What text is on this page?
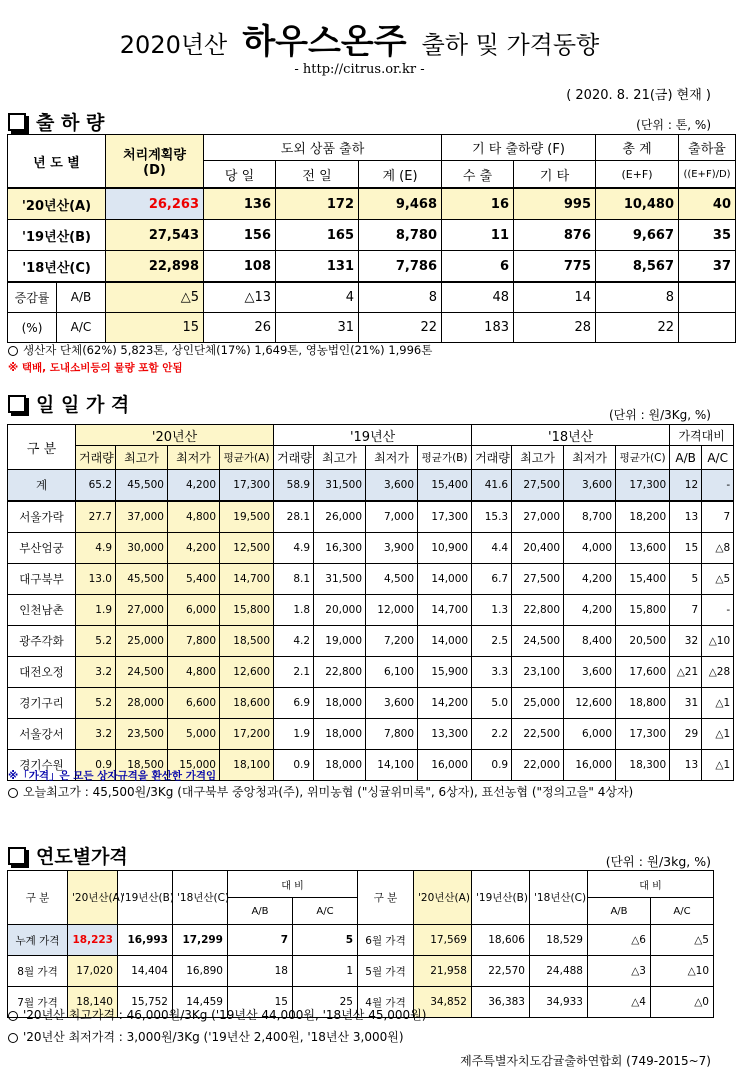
2020년산 하우스온주 출하 및 가격동향
- http://citrus.or.kr -
( 2020. 8. 21(금) 현재 )
출 하 량	(단위 : 톤, %)
년 도 별	처리계획량
(D)	도외 상품 출하			기 타 출하량 (F)		총 계	출하율
		당 일	전 일	계 (E)	수 출	기 타	(E+F)	((E+F)/D)
'20년산(A)	26,263	136	172	9,468	16	995	10,480	40
'19년산(B)	27,543	156	165	8,780	11	876	9,667	35
'18년산(C)	22,898	108	131	7,786	6	775	8,567	37

증감률 A/B	△5	△13	4	8	48	14	8	

(%) A/C	15	26	31	22	183	28	22	
생산자 단체(62%) 5,823톤, 상인단체(17%) 1,649톤, 영농법인(21%) 1,996톤
※ 택배, 도내소비등의 물량 포함 안됨
일 일 가 격	(단위 : 원/3Kg, %)
구 분	'20년산				'19년산				'18년산				가격대비	
	거래량	최고가	최저가	평균가(A)	거래량	최고가	최저가	평균가(B)	거래량	최고가	최저가	평균가(C)	A/B	A/C
계	65.2	45,500	4,200	17,300	58.9	31,500	3,600	15,400	41.6	27,500	3,600	17,300	12	-
서울가락	27.7	37,000	4,800	19,500	28.1	26,000	7,000	17,300	15.3	27,000	8,700	18,200	13	7
부산엄궁	4.9	30,000	4,200	12,500	4.9	16,300	3,900	10,900	4.4	20,400	4,000	13,600	15	△8
대구북부	13.0	45,500	5,400	14,700	8.1	31,500	4,500	14,000	6.7	27,500	4,200	15,400	5	△5
인천남촌	1.9	27,000	6,000	15,800	1.8	20,000	12,000	14,700	1.3	22,800	4,200	15,800	7	-
광주각화	5.2	25,000	7,800	18,500	4.2	19,000	7,200	14,000	2.5	24,500	8,400	20,500	32	△10
대전오정	3.2	24,500	4,800	12,600	2.1	22,800	6,100	15,900	3.3	23,100	3,600	17,600	△21	△28
경기구리	5.2	28,000	6,600	18,600	6.9	18,000	3,600	14,200	5.0	25,000	12,600	18,800	31	△1
서울강서	3.2	23,500	5,000	17,200	1.9	18,000	7,800	13,300	2.2	22,500	6,000	17,300	29	△1
경기수원	0.9	18,500	15,000	18,100	0.9	18,000	14,100	16,000	0.9	22,000	16,000	18,300	13	△1
※「가격」은 모든 상자규격을 환산한 가격임
오늘최고가 : 45,500원/3Kg (대구북부 중앙청과(주), 위미농협 ("싱귤위미록", 6상자), 표선농협 ("정의고을" 4상자)
연도별가격	(단위 : 원/3kg, %)
구 분	'20년산(A)	'19년산(B)	'18년산(C)	대 비		구 분	'20년산(A)	'19년산(B)	'18년산(C)	대 비	
				A/B	A/C					A/B	A/C
누계 가격	18,223	16,993	17,299	7	5	6월 가격	17,569	18,606	18,529	△6	△5
8월 가격	17,020	14,404	16,890	18	1	5월 가격	21,958	22,570	24,488	△3	△10
7월 가격	18,140	15,752	14,459	15	25	4월 가격	34,852	36,383	34,933	△4	△0
'20년산 최고가격 : 46,000원/3Kg ('19년산 44,000원, '18년산 45,000원)
'20년산 최저가격 : 3,000원/3Kg ('19년산 2,400원, '18년산 3,000원)
제주특별자치도감귤출하연합회 (749-2015~7)
